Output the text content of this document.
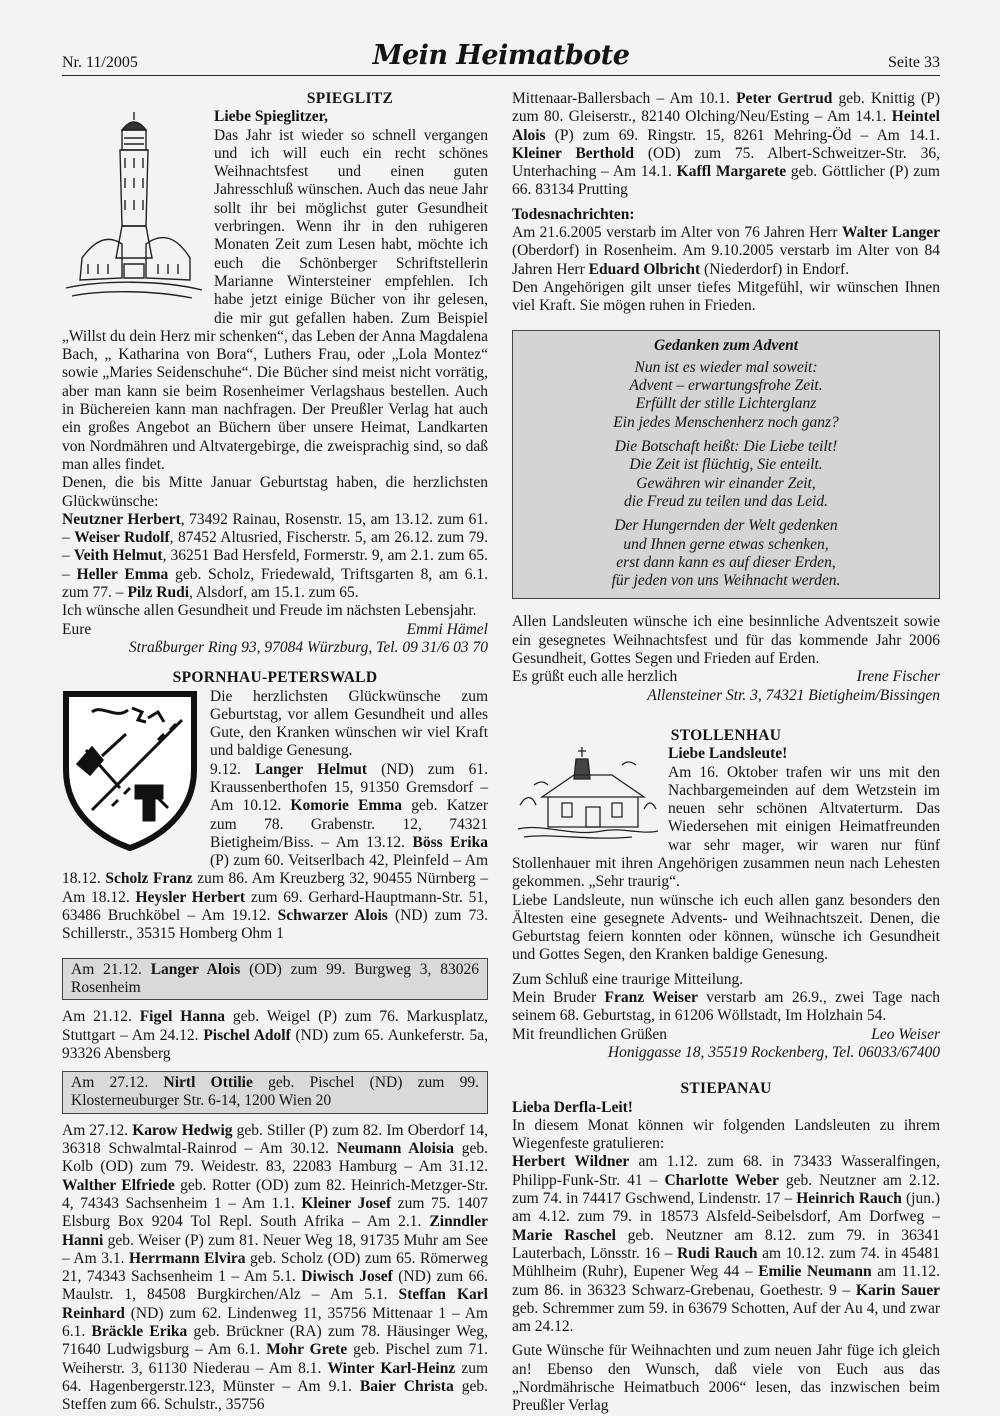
Nr. 11/2005	Mein Heimatbote	Seite 33

SPIEGLITZ

Liebe Spieglitzer,

Das Jahr ist wieder so schnell vergangen und ich will euch ein recht schönes Weihnachtsfest und einen guten Jahresschluß wünschen. Auch das neue Jahr sollt ihr bei möglichst guter Gesundheit verbringen. Wenn ihr in den ruhigeren Monaten Zeit zum Lesen habt, möchte ich euch die Schönberger Schriftstellerin Marianne Wintersteiner empfehlen. Ich habe jetzt einige Bücher von ihr gelesen, die mir gut gefallen haben. Zum Beispiel „Willst du dein Herz mir schenken“, das Leben der Anna Magdalena Bach, „ Katharina von Bora“, Luthers Frau, oder „Lola Montez“ sowie „Maries Seidenschuhe“. Die Bücher sind meist nicht vorrätig, aber man kann sie beim Rosenheimer Verlagshaus bestellen. Auch in Büchereien kann man nachfragen. Der Preußler Verlag hat auch ein großes Angebot an Büchern über unsere Heimat, Landkarten von Nordmähren und Altvatergebirge, die zweisprachig sind, so daß man alles findet.

Denen, die bis Mitte Januar Geburtstag haben, die herzlichsten Glückwünsche:

Neutzner Herbert, 73492 Rainau, Rosenstr. 15, am 13.12. zum 61. – Weiser Rudolf, 87452 Altusried, Fischerstr. 5, am 26.12. zum 79. – Veith Helmut, 36251 Bad Hersfeld, Formerstr. 9, am 2.1. zum 65. – Heller Emma geb. Scholz, Friedewald, Triftsgarten 8, am 6.1. zum 77. – Pilz Rudi, Alsdorf, am 15.1. zum 65.

Ich wünsche allen Gesundheit und Freude im nächsten Lebensjahr.

Eure	Emmi Hämel

Straßburger Ring 93, 97084 Würzburg, Tel. 09 31/6 03 70

SPORNHAU-PETERSWALD

Die herzlichsten Glückwünsche zum Geburtstag, vor allem Gesundheit und alles Gute, den Kranken wünschen wir viel Kraft und baldige Genesung.

9.12. Langer Helmut (ND) zum 61. Kraussenberthofen 15, 91350 Gremsdorf – Am 10.12. Komorie Emma geb. Katzer zum 78. Grabenstr. 12, 74321 Bietigheim/Biss. – Am 13.12. Böss Erika (P) zum 60. Veitserlbach 42, Pleinfeld – Am 18.12. Scholz Franz zum 86. Am Kreuzberg 32, 90455 Nürnberg – Am 18.12. Heysler Herbert zum 69. Gerhard-Hauptmann-Str. 51, 63486 Bruchköbel – Am 19.12. Schwarzer Alois (ND) zum 73. Schillerstr., 35315 Homberg Ohm 1

Am 21.12. Langer Alois (OD) zum 99. Burgweg 3, 83026 Rosenheim

Am 21.12. Figel Hanna geb. Weigel (P) zum 76. Markusplatz, Stuttgart – Am 24.12. Pischel Adolf (ND) zum 65. Aunkeferstr. 5a, 93326 Abensberg

Am 27.12. Nirtl Ottilie geb. Pischel (ND) zum 99. Klosterneuburger Str. 6-14, 1200 Wien 20

Am 27.12. Karow Hedwig geb. Stiller (P) zum 82. Im Oberdorf 14, 36318 Schwalmtal-Rainrod – Am 30.12. Neumann Aloisia geb. Kolb (OD) zum 79. Weidestr. 83, 22083 Hamburg – Am 31.12. Walther Elfriede geb. Rotter (OD) zum 82. Heinrich-Metzger-Str. 4, 74343 Sachsenheim 1 – Am 1.1. Kleiner Josef zum 75. 1407 Elsburg Box 9204 Tol Repl. South Afrika – Am 2.1. Zinndler Hanni geb. Weiser (P) zum 81. Neuer Weg 18, 91735 Muhr am See – Am 3.1. Herrmann Elvira geb. Scholz (OD) zum 65. Römerweg 21, 74343 Sachsenheim 1 – Am 5.1. Diwisch Josef (ND) zum 66. Maulstr. 1, 84508 Burgkirchen/Alz – Am 5.1. Steffan Karl Reinhard (ND) zum 62. Lindenweg 11, 35756 Mittenaar 1 – Am 6.1. Bräckle Erika geb. Brückner (RA) zum 78. Häusinger Weg, 71640 Ludwigsburg – Am 6.1. Mohr Grete geb. Pischel zum 71. Weiherstr. 3, 61130 Niederau – Am 8.1. Winter Karl-Heinz zum 64. Hagenbergerstr.123, Münster – Am 9.1. Baier Christa geb. Steffen zum 66. Schulstr., 35756

Mittenaar-Ballersbach – Am 10.1. Peter Gertrud geb. Knittig (P) zum 80. Gleiserstr., 82140 Olching/Neu/Esting – Am 14.1. Heintel Alois (P) zum 69. Ringstr. 15, 8261 Mehring-Öd – Am 14.1. Kleiner Berthold (OD) zum 75. Albert-Schweitzer-Str. 36, Unterhaching – Am 14.1. Kaffl Margarete geb. Göttlicher (P) zum 66. 83134 Prutting

Todesnachrichten:

Am 21.6.2005 verstarb im Alter von 76 Jahren Herr Walter Langer (Oberdorf) in Rosenheim. Am 9.10.2005 verstarb im Alter von 84 Jahren Herr Eduard Olbricht (Niederdorf) in Endorf.

Den Angehörigen gilt unser tiefes Mitgefühl, wir wünschen Ihnen viel Kraft. Sie mögen ruhen in Frieden.

Gedanken zum Advent
Nun ist es wieder mal soweit:
Advent – erwartungsfrohe Zeit.
Erfüllt der stille Lichterglanz
Ein jedes Menschenherz noch ganz?
Die Botschaft heißt: Die Liebe teilt!
Die Zeit ist flüchtig, Sie enteilt.
Gewähren wir einander Zeit,
die Freud zu teilen und das Leid.
Der Hungernden der Welt gedenken
und Ihnen gerne etwas schenken,
erst dann kann es auf dieser Erden,
für jeden von uns Weihnacht werden.

Allen Landsleuten wünsche ich eine besinnliche Adventszeit sowie ein gesegnetes Weihnachtsfest und für das kommende Jahr 2006 Gesundheit, Gottes Segen und Frieden auf Erden.

Es grüßt euch alle herzlich	Irene Fischer

Allensteiner Str. 3, 74321 Bietigheim/Bissingen

STOLLENHAU

Liebe Landsleute!

Am 16. Oktober trafen wir uns mit den Nachbargemeinden auf dem Wetzstein im neuen sehr schönen Altvaterturm. Das Wiedersehen mit einigen Heimatfreunden war sehr mager, wir waren nur fünf Stollenhauer mit ihren Angehörigen zusammen neun nach Lehesten gekommen. „Sehr traurig“.

Liebe Landsleute, nun wünsche ich euch allen ganz besonders den Ältesten eine gesegnete Advents- und Weihnachtszeit. Denen, die Geburtstag feiern konnten oder können, wünsche ich Gesundheit und Gottes Segen, den Kranken baldige Genesung.

Zum Schluß eine traurige Mitteilung.

Mein Bruder Franz Weiser verstarb am 26.9., zwei Tage nach seinem 68. Geburtstag, in 61206 Wöllstadt, Im Holzhain 54.

Mit freundlichen Grüßen	Leo Weiser

Honiggasse 18, 35519 Rockenberg, Tel. 06033/67400

STIEPANAU

Lieba Derfla-Leit!

In diesem Monat können wir folgenden Landsleuten zu ihrem Wiegenfeste gratulieren:

Herbert Wildner am 1.12. zum 68. in 73433 Wasseralfingen, Philipp-Funk-Str. 41 – Charlotte Weber geb. Neutzner am 2.12. zum 74. in 74417 Gschwend, Lindenstr. 17 – Heinrich Rauch (jun.) am 4.12. zum 79. in 18573 Alsfeld-Seibelsdorf, Am Dorfweg – Marie Raschel geb. Neutzner am 8.12. zum 79. in 36341 Lauterbach, Lönsstr. 16 – Rudi Rauch am 10.12. zum 74. in 45481 Mühlheim (Ruhr), Eupener Weg 44 – Emilie Neumann am 11.12. zum 86. in 36323 Schwarz-Grebenau, Goethestr. 9 – Karin Sauer geb. Schremmer zum 59. in 63679 Schotten, Auf der Au 4, und zwar am 24.12.

Gute Wünsche für Weihnachten und zum neuen Jahr füge ich gleich an! Ebenso den Wunsch, daß viele von Euch aus das „Nordmährische Heimatbuch 2006“ lesen, das inzwischen beim Preußler Verlag
